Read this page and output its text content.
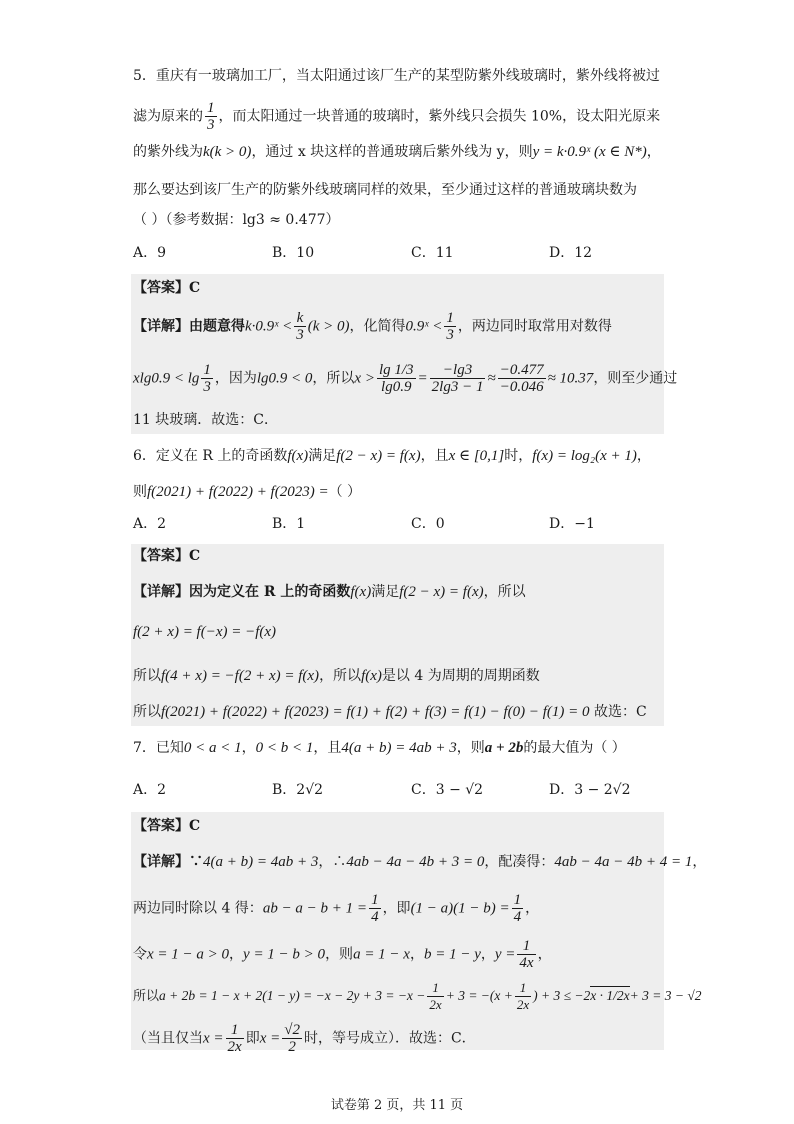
5．重庆有一玻璃加工厂，当太阳通过该厂生产的某型防紫外线玻璃时，紫外线将被过
滤为原来的 $\frac{1}{3}$ ，而太阳通过一块普通的玻璃时，紫外线只会损失 10%，设太阳光原来
的紫外线为k(k > 0)，通过 x 块这样的普通玻璃后紫外线为 y，则y = k·0.9ˣ (x ∈ N*)，
那么要达到该厂生产的防紫外线玻璃同样的效果，至少通过这样的普通玻璃块数为
（ ）（参考数据：lg3 ≈ 0.477）
A．9	B．10	C．11	D．12
【答案】C
【详解】由题意得k·0.9ˣ < $\frac{k}{3} (k > 0)$，化简得0.9ˣ < $\frac{1}{3}$ ，两边同时取常用对数得
$xlg0.9 < \lg \frac{1}{3}$ ，因为lg0.9 < 0，所以$x > \frac{\lg 1/3}{\lg 0.9} = \frac{-\lg 3}{2\lg 3 - 1} \approx \frac{-0.477}{-0.046} \approx 10.37$，则至少通过
11 块玻璃．故选：C．
6．定义在 R 上的奇函数f(x)满足f(2 − x) = f(x)，且x ∈ [0,1]时，f(x) = log₂(x + 1)，
则f(2021) + f(2022) + f(2023) =（ ）
A．2	B．1	C．0	D．−1
【答案】C
【详解】因为定义在 R 上的奇函数f(x)满足f(2 − x) = f(x)，所以
f(2 + x) = f(−x) = −f(x)
所以f(4 + x) = −f(2 + x) = f(x)，所以f(x)是以 4 为周期的周期函数
所以f(2021) + f(2022) + f(2023) = f(1) + f(2) + f(3) = f(1) − f(0) − f(1) = 0 故选：C
7．已知0 < a < 1，0 < b < 1，且4(a + b) = 4ab + 3，则a + 2b的最大值为（ ）
A．2	B．2√2	C．3 − √2	D．3 − 2√2
【答案】C
【详解】∵4(a + b) = 4ab + 3，∴4ab − 4a − 4b + 3 = 0，配凑得：4ab − 4a − 4b + 4 = 1，
两边同时除以 4 得：ab − $a - b + 1 = \frac{1}{4}$ ，即$(1 - a)(1 - b) = \frac{1}{4}$ ，
令x = 1 − a > 0，y = 1 − b > 0，则a = 1 − x，b = 1 − y，$y = \frac{1}{4x}$ ，
所以$a + 2b = 1 - x + 2(1 - y) = -x - 2y + 3 = -x - \frac{1}{2x} + 3 = -(x + \frac{1}{2x}$ ) + 3 ≤ −2x · 1/2x+ 3 = 3 − √2
（当且仅当$x = \frac{1}{2x}$ 即$x = \frac{√2}{2}$ 时，等号成立）．故选：C．
试卷第 2 页，共 11 页
